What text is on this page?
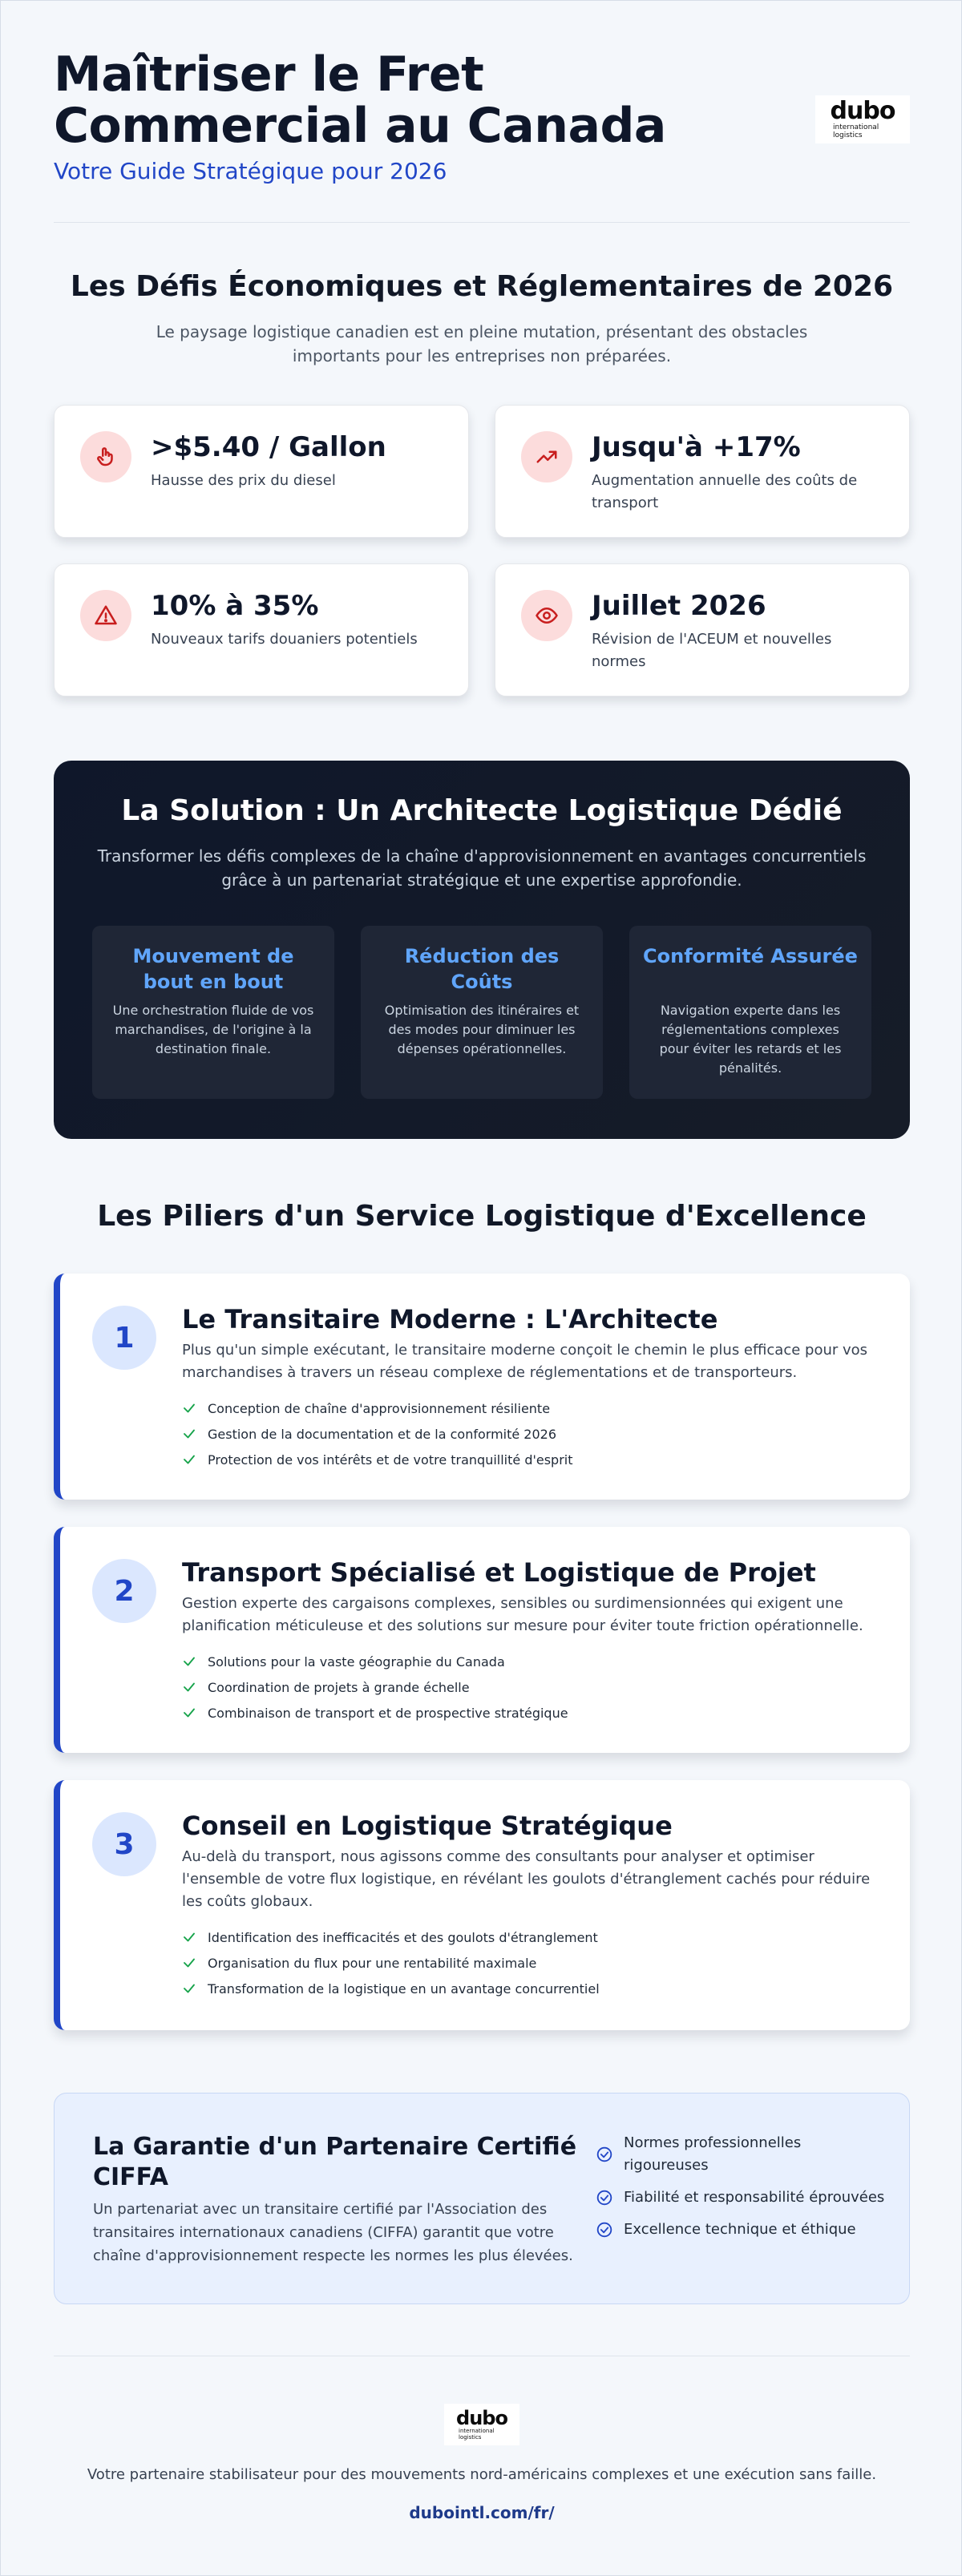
Maîtriser le Fret Commercial au Canada
Votre Guide Stratégique pour 2026
dubo
international logistics
Les Défis Économiques et Réglementaires de 2026

Le paysage logistique canadien est en pleine mutation, présentant des obstacles importants pour les entreprises non préparées.

>$5.40 / Gallon
Hausse des prix du diesel
Jusqu'à +17%
Augmentation annuelle des coûts de transport
10% à 35%
Nouveaux tarifs douaniers potentiels
Juillet 2026
Révision de l'ACEUM et nouvelles normes
La Solution : Un Architecte Logistique Dédié

Transformer les défis complexes de la chaîne d'approvisionnement en avantages concurrentiels grâce à un partenariat stratégique et une expertise approfondie.

Mouvement de bout en bout
Une orchestration fluide de vos marchandises, de l'origine à la destination finale.
Réduction des Coûts
Optimisation des itinéraires et des modes pour diminuer les dépenses opérationnelles.
Conformité Assurée
Navigation experte dans les réglementations complexes pour éviter les retards et les pénalités.
Les Piliers d'un Service Logistique d'Excellence
1
Le Transitaire Moderne : L'Architecte
Plus qu'un simple exécutant, le transitaire moderne conçoit le chemin le plus efficace pour vos marchandises à travers un réseau complexe de réglementations et de transporteurs.
Conception de chaîne d'approvisionnement résiliente
Gestion de la documentation et de la conformité 2026
Protection de vos intérêts et de votre tranquillité d'esprit
2
Transport Spécialisé et Logistique de Projet
Gestion experte des cargaisons complexes, sensibles ou surdimensionnées qui exigent une planification méticuleuse et des solutions sur mesure pour éviter toute friction opérationnelle.
Solutions pour la vaste géographie du Canada
Coordination de projets à grande échelle
Combinaison de transport et de prospective stratégique
3
Conseil en Logistique Stratégique
Au-delà du transport, nous agissons comme des consultants pour analyser et optimiser l'ensemble de votre flux logistique, en révélant les goulots d'étranglement cachés pour réduire les coûts globaux.
Identification des inefficacités et des goulots d'étranglement
Organisation du flux pour une rentabilité maximale
Transformation de la logistique en un avantage concurrentiel
La Garantie d'un Partenaire Certifié CIFFA
Un partenariat avec un transitaire certifié par l'Association des transitaires internationaux canadiens (CIFFA) garantit que votre chaîne d'approvisionnement respecte les normes les plus élevées.
Normes professionnelles rigoureuses
Fiabilité et responsabilité éprouvées
Excellence technique et éthique
dubo
international logistics
Votre partenaire stabilisateur pour des mouvements nord-américains complexes et une exécution sans faille.
dubointl.com/fr/
